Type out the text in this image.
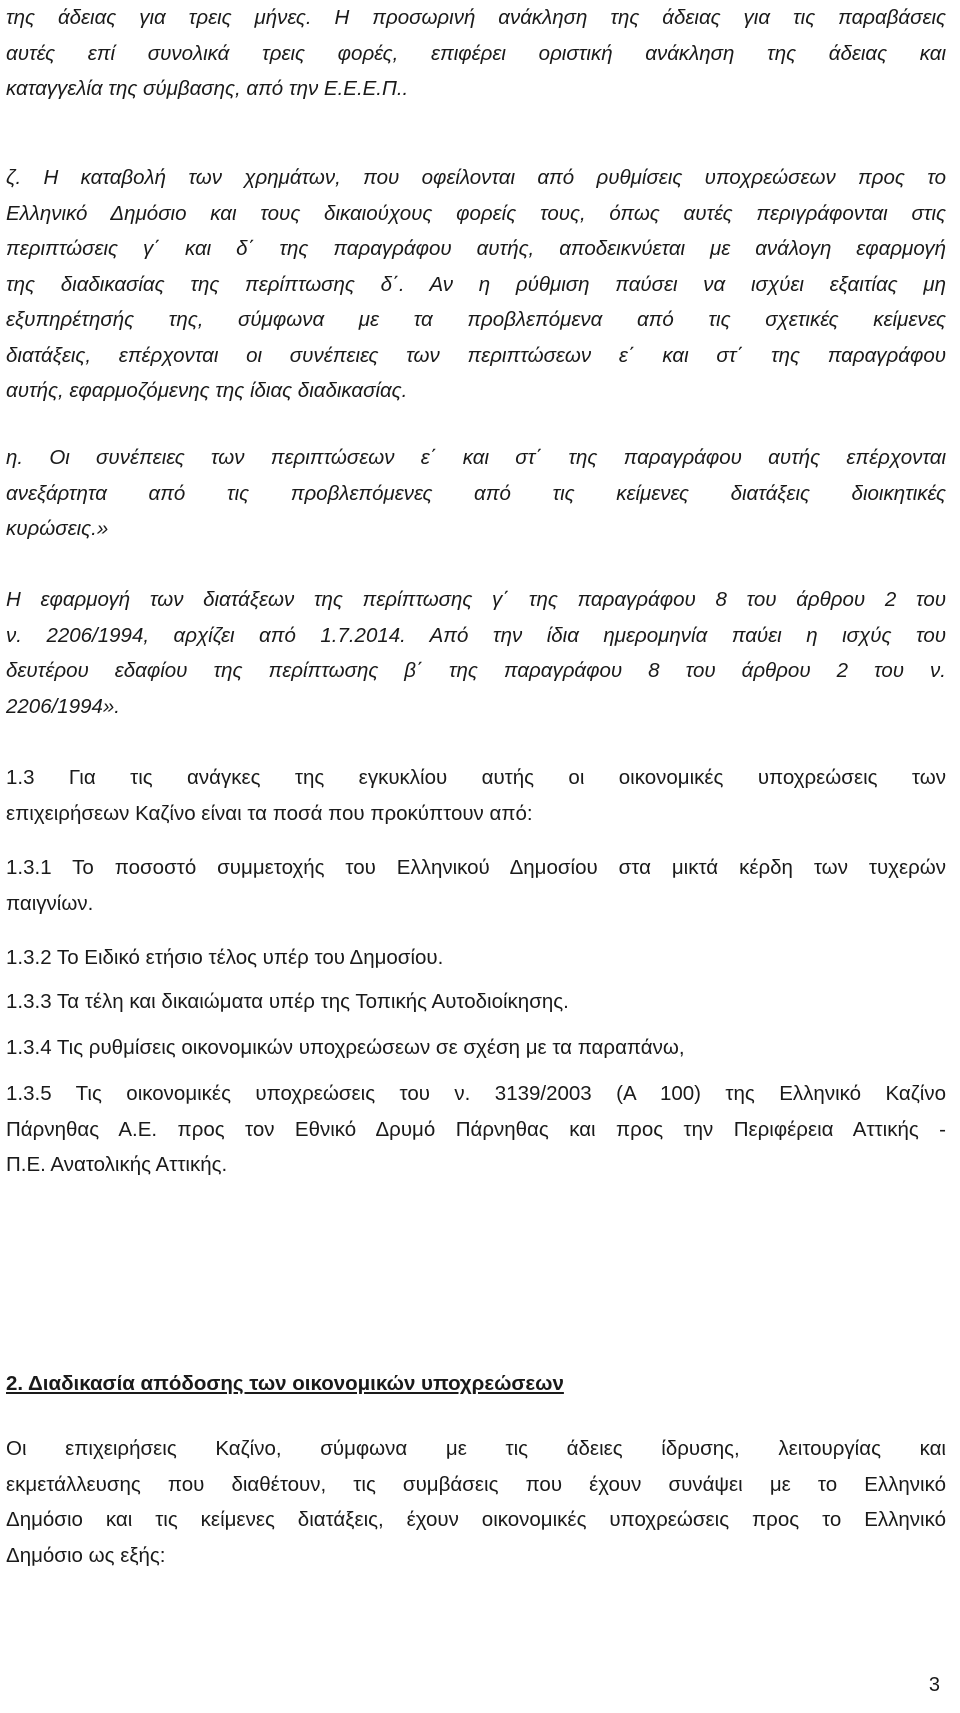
της άδειας για τρεις μήνες. Η προσωρινή ανάκληση της άδειας για τις παραβάσεις
αυτές επί συνολικά τρεις φορές, επιφέρει οριστική ανάκληση της άδειας και
καταγγελία της σύμβασης, από την Ε.Ε.Ε.Π..
ζ. Η καταβολή των χρημάτων, που οφείλονται από ρυθμίσεις υποχρεώσεων προς το
Ελληνικό Δημόσιο και τους δικαιούχους φορείς τους, όπως αυτές περιγράφονται στις
περιπτώσεις γ΄ και δ΄ της παραγράφου αυτής, αποδεικνύεται με ανάλογη εφαρμογή
της διαδικασίας της περίπτωσης δ΄. Αν η ρύθμιση παύσει να ισχύει εξαιτίας μη
εξυπηρέτησής της, σύμφωνα με τα προβλεπόμενα από τις σχετικές κείμενες
διατάξεις, επέρχονται οι συνέπειες των περιπτώσεων ε΄ και στ΄ της παραγράφου
αυτής, εφαρμοζόμενης της ίδιας διαδικασίας.
η. Οι συνέπειες των περιπτώσεων ε΄ και στ΄ της παραγράφου αυτής επέρχονται
ανεξάρτητα από τις προβλεπόμενες από τις κείμενες διατάξεις διοικητικές
κυρώσεις.»
Η εφαρμογή των διατάξεων της περίπτωσης γ΄ της παραγράφου 8 του άρθρου 2 του
ν. 2206/1994, αρχίζει από 1.7.2014. Από την ίδια ημερομηνία παύει η ισχύς του
δευτέρου εδαφίου της περίπτωσης β΄ της παραγράφου 8 του άρθρου 2 του ν.
2206/1994».
1.3 Για τις ανάγκες της εγκυκλίου αυτής οι οικονομικές υποχρεώσεις των
επιχειρήσεων Καζίνο είναι τα ποσά που προκύπτουν από:
1.3.1 Το ποσοστό συμμετοχής του Ελληνικού Δημοσίου στα μικτά κέρδη των τυχερών
παιγνίων.
1.3.2 Το Ειδικό ετήσιο τέλος υπέρ του Δημοσίου.
1.3.3 Τα τέλη και δικαιώματα υπέρ της Τοπικής Αυτοδιοίκησης.
1.3.4 Τις ρυθμίσεις οικονομικών υποχρεώσεων σε σχέση με τα παραπάνω,
1.3.5 Τις οικονομικές υποχρεώσεις του ν. 3139/2003 (Α 100) της Ελληνικό Καζίνο
Πάρνηθας Α.Ε. προς τον Εθνικό Δρυμό Πάρνηθας και προς την Περιφέρεια Αττικής -
Π.Ε. Ανατολικής Αττικής.

2. Διαδικασία απόδοσης των οικονομικών υποχρεώσεων

Οι επιχειρήσεις Καζίνο, σύμφωνα με τις άδειες ίδρυσης, λειτουργίας και
εκμετάλλευσης που διαθέτουν, τις συμβάσεις που έχουν συνάψει με το Ελληνικό
Δημόσιο και τις κείμενες διατάξεις, έχουν οικονομικές υποχρεώσεις προς το Ελληνικό
Δημόσιο ως εξής:
3
